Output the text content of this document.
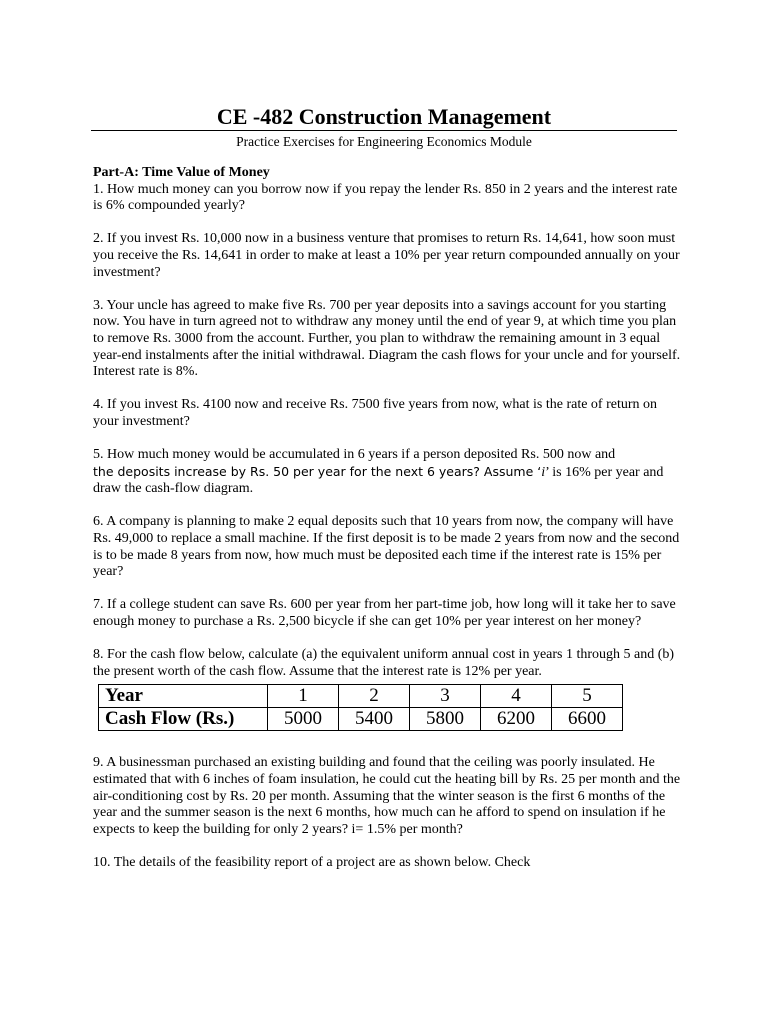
CE -482 Construction Management
Practice Exercises for Engineering Economics Module
Part-A: Time Value of Money
1. How much money can you borrow now if you repay the lender Rs. 850 in 2 years and the interest rate is 6% compounded yearly?
2. If you invest Rs. 10,000 now in a business venture that promises to return Rs. 14,641, how soon must you receive the Rs. 14,641 in order to make at least a 10% per year return compounded annually on your investment?
3. Your uncle has agreed to make five Rs. 700 per year deposits into a savings account for you starting now. You have in turn agreed not to withdraw any money until the end of year 9, at which time you plan to remove Rs. 3000 from the account. Further, you plan to withdraw the remaining amount in 3 equal year-end instalments after the initial withdrawal. Diagram the cash flows for your uncle and for yourself. Interest rate is 8%.
4. If you invest Rs. 4100 now and receive Rs. 7500 five years from now, what is the rate of return on your investment?
5. How much money would be accumulated in 6 years if a person deposited Rs. 500 now and
the deposits increase by Rs. 50 per year for the next 6 years? Assume ‘i’ is 16% per year and
draw the cash-flow diagram.
6. A company is planning to make 2 equal deposits such that 10 years from now, the company will have Rs. 49,000 to replace a small machine. If the first deposit is to be made 2 years from now and the second is to be made 8 years from now, how much must be deposited each time if the interest rate is 15% per year?
7. If a college student can save Rs. 600 per year from her part-time job, how long will it take her to save enough money to purchase a Rs. 2,500 bicycle if she can get 10% per year interest on her money?
8. For the cash flow below, calculate (a) the equivalent uniform annual cost in years 1 through 5 and (b) the present worth of the cash flow. Assume that the interest rate is 12% per year.
Year	1	2	3	4	5
Cash Flow (Rs.)	5000	5400	5800	6200	6600
9. A businessman purchased an existing building and found that the ceiling was poorly insulated. He estimated that with 6 inches of foam insulation, he could cut the heating bill by Rs. 25 per month and the air-conditioning cost by Rs. 20 per month. Assuming that the winter season is the first 6 months of the year and the summer season is the next 6 months, how much can he afford to spend on insulation if he expects to keep the building for only 2 years? i= 1.5% per month?
10. The details of the feasibility report of a project are as shown below. Check
